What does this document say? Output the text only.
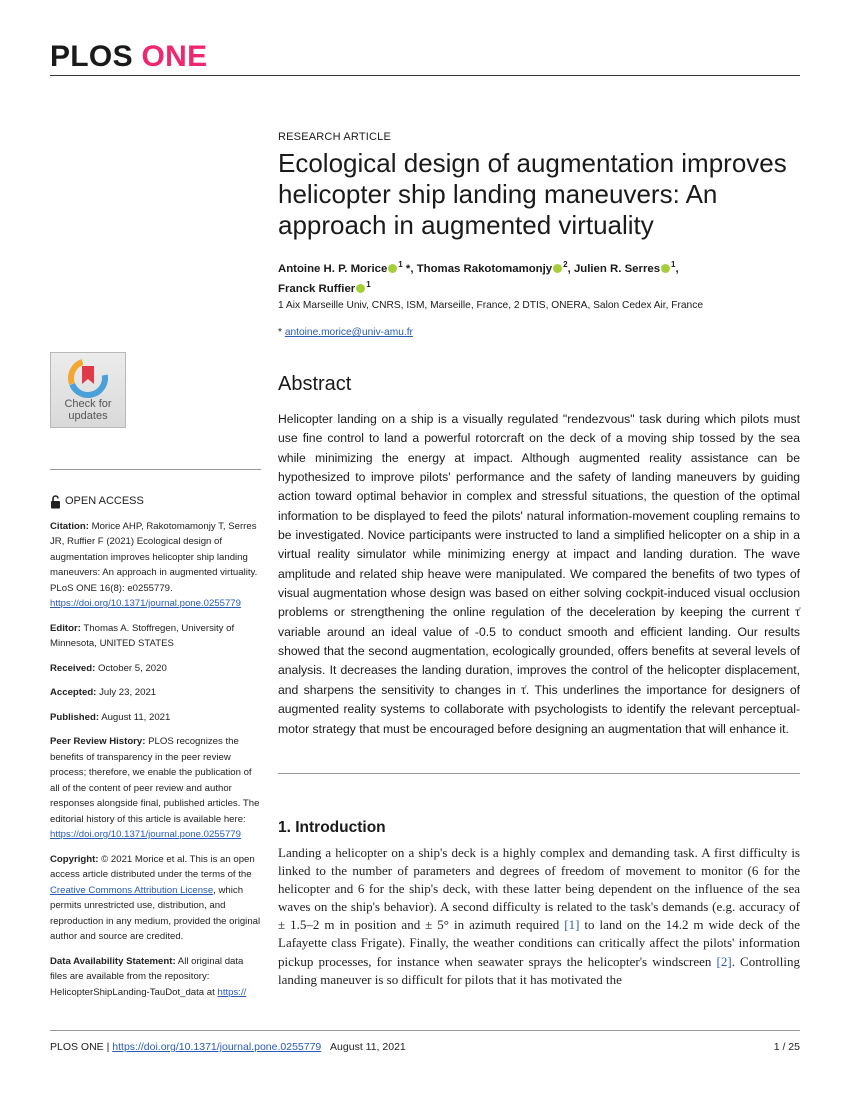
PLOS ONE
Check for
updates
OPEN ACCESS

Citation: Morice AHP, Rakotomamonjy T, Serres JR, Ruffier F (2021) Ecological design of augmentation improves helicopter ship landing maneuvers: An approach in augmented virtuality. PLoS ONE 16(8): e0255779. https://doi.org/10.1371/journal.pone.0255779

Editor: Thomas A. Stoffregen, University of Minnesota, UNITED STATES

Received: October 5, 2020

Accepted: July 23, 2021

Published: August 11, 2021

Peer Review History: PLOS recognizes the benefits of transparency in the peer review process; therefore, we enable the publication of all of the content of peer review and author responses alongside final, published articles. The editorial history of this article is available here: https://doi.org/10.1371/journal.pone.0255779

Copyright: © 2021 Morice et al. This is an open access article distributed under the terms of the Creative Commons Attribution License, which permits unrestricted use, distribution, and reproduction in any medium, provided the original author and source are credited.

Data Availability Statement: All original data files are available from the repository: HelicopterShipLanding-TauDot_data at https://

RESEARCH ARTICLE
Ecological design of augmentation improves helicopter ship landing maneuvers: An approach in augmented virtuality
Antoine H. P. Morice $^1$ *, Thomas Rakotomamonjy $^2$, Julien R. Serres $^1$,
Franck Ruffier $^1$
1 Aix Marseille Univ, CNRS, ISM, Marseille, France, 2 DTIS, ONERA, Salon Cedex Air, France
* antoine.morice@univ-amu.fr
Abstract

Helicopter landing on a ship is a visually regulated "rendezvous" task during which pilots must use fine control to land a powerful rotorcraft on the deck of a moving ship tossed by the sea while minimizing the energy at impact. Although augmented reality assistance can be hypothesized to improve pilots' performance and the safety of landing maneuvers by guiding action toward optimal behavior in complex and stressful situations, the question of the optimal information to be displayed to feed the pilots' natural information-movement coupling remains to be investigated. Novice participants were instructed to land a simplified helicopter on a ship in a virtual reality simulator while minimizing energy at impact and landing duration. The wave amplitude and related ship heave were manipulated. We compared the benefits of two types of visual augmentation whose design was based on either solving cockpit-induced visual occlusion problems or strengthening the online regulation of the deceleration by keeping the current τ̇ variable around an ideal value of -0.5 to conduct smooth and efficient landing. Our results showed that the second augmentation, ecologically grounded, offers benefits at several levels of analysis. It decreases the landing duration, improves the control of the helicopter displacement, and sharpens the sensitivity to changes in τ̇. This underlines the importance for designers of augmented reality systems to collaborate with psychologists to identify the relevant perceptual-motor strategy that must be encouraged before designing an augmentation that will enhance it.

1. Introduction

Landing a helicopter on a ship's deck is a highly complex and demanding task. A first difficulty is linked to the number of parameters and degrees of freedom of movement to monitor (6 for the helicopter and 6 for the ship's deck, with these latter being dependent on the influence of the sea waves on the ship's behavior). A second difficulty is related to the task's demands (e.g. accuracy of ± 1.5–2 m in position and ± 5° in azimuth required [1] to land on the 14.2 m wide deck of the Lafayette class Frigate). Finally, the weather conditions can critically affect the pilots' information pickup processes, for instance when seawater sprays the helicopter's windscreen [2]. Controlling landing maneuver is so difficult for pilots that it has motivated the

PLOS ONE | https://doi.org/10.1371/journal.pone.0255779 August 11, 2021	1 / 25
